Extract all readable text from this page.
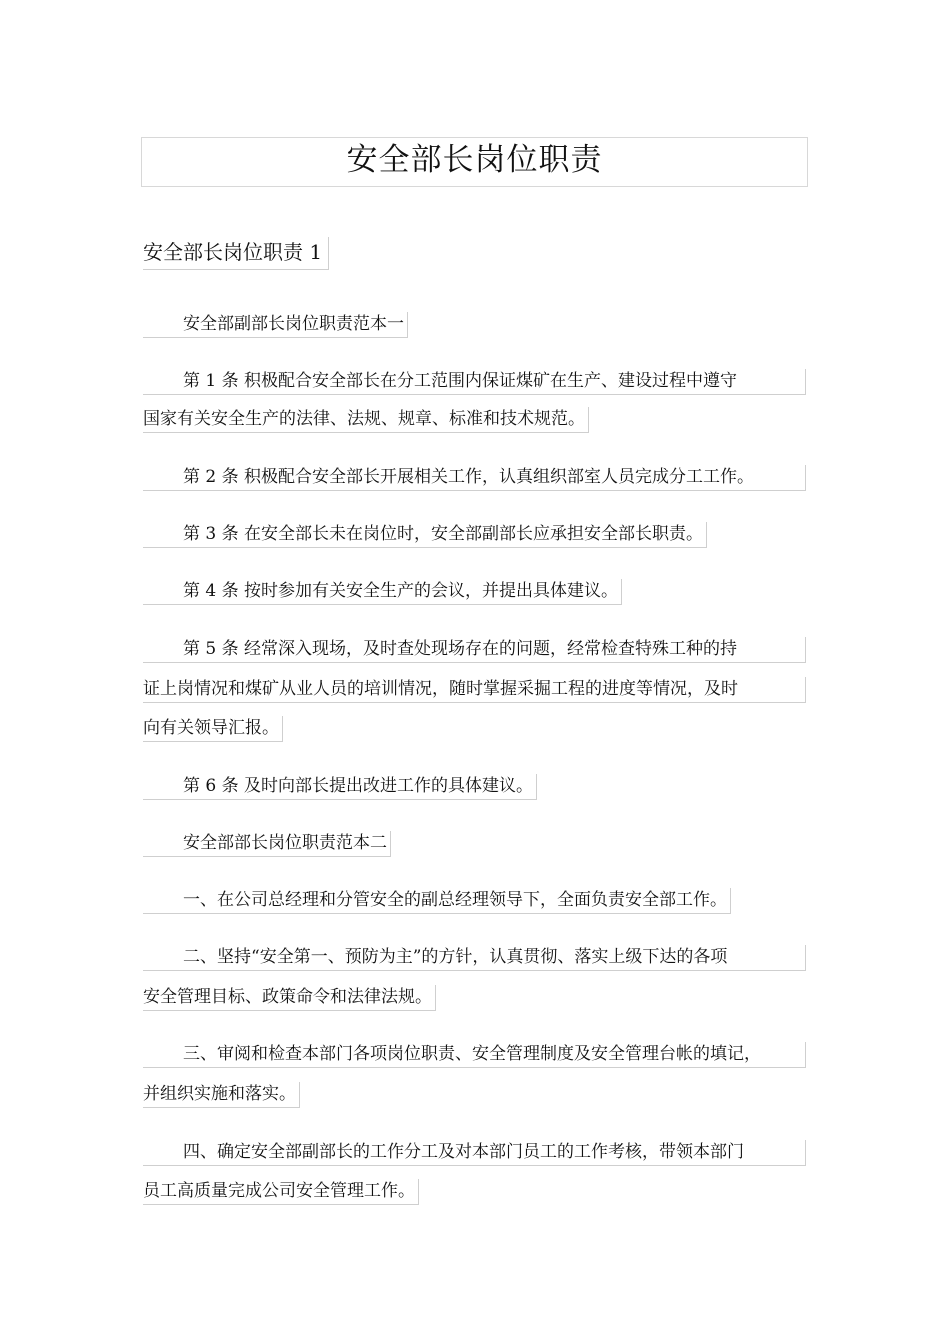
安全部长岗位职责
安全部长岗位职责 1
安全部副部长岗位职责范本一
第 1 条 积极配合安全部长在分工范围内保证煤矿在生产、建设过程中遵守
国家有关安全生产的法律、法规、规章、标准和技术规范。
第 2 条 积极配合安全部长开展相关工作，认真组织部室人员完成分工工作。
第 3 条 在安全部长未在岗位时，安全部副部长应承担安全部长职责。
第 4 条 按时参加有关安全生产的会议，并提出具体建议。
第 5 条 经常深入现场，及时查处现场存在的问题，经常检查特殊工种的持
证上岗情况和煤矿从业人员的培训情况，随时掌握采掘工程的进度等情况，及时
向有关领导汇报。
第 6 条 及时向部长提出改进工作的具体建议。
安全部部长岗位职责范本二
一、在公司总经理和分管安全的副总经理领导下，全面负责安全部工作。
二、坚持“安全第一、预防为主”的方针，认真贯彻、落实上级下达的各项
安全管理目标、政策命令和法律法规。
三、审阅和检查本部门各项岗位职责、安全管理制度及安全管理台帐的填记，
并组织实施和落实。
四、确定安全部副部长的工作分工及对本部门员工的工作考核，带领本部门
员工高质量完成公司安全管理工作。
